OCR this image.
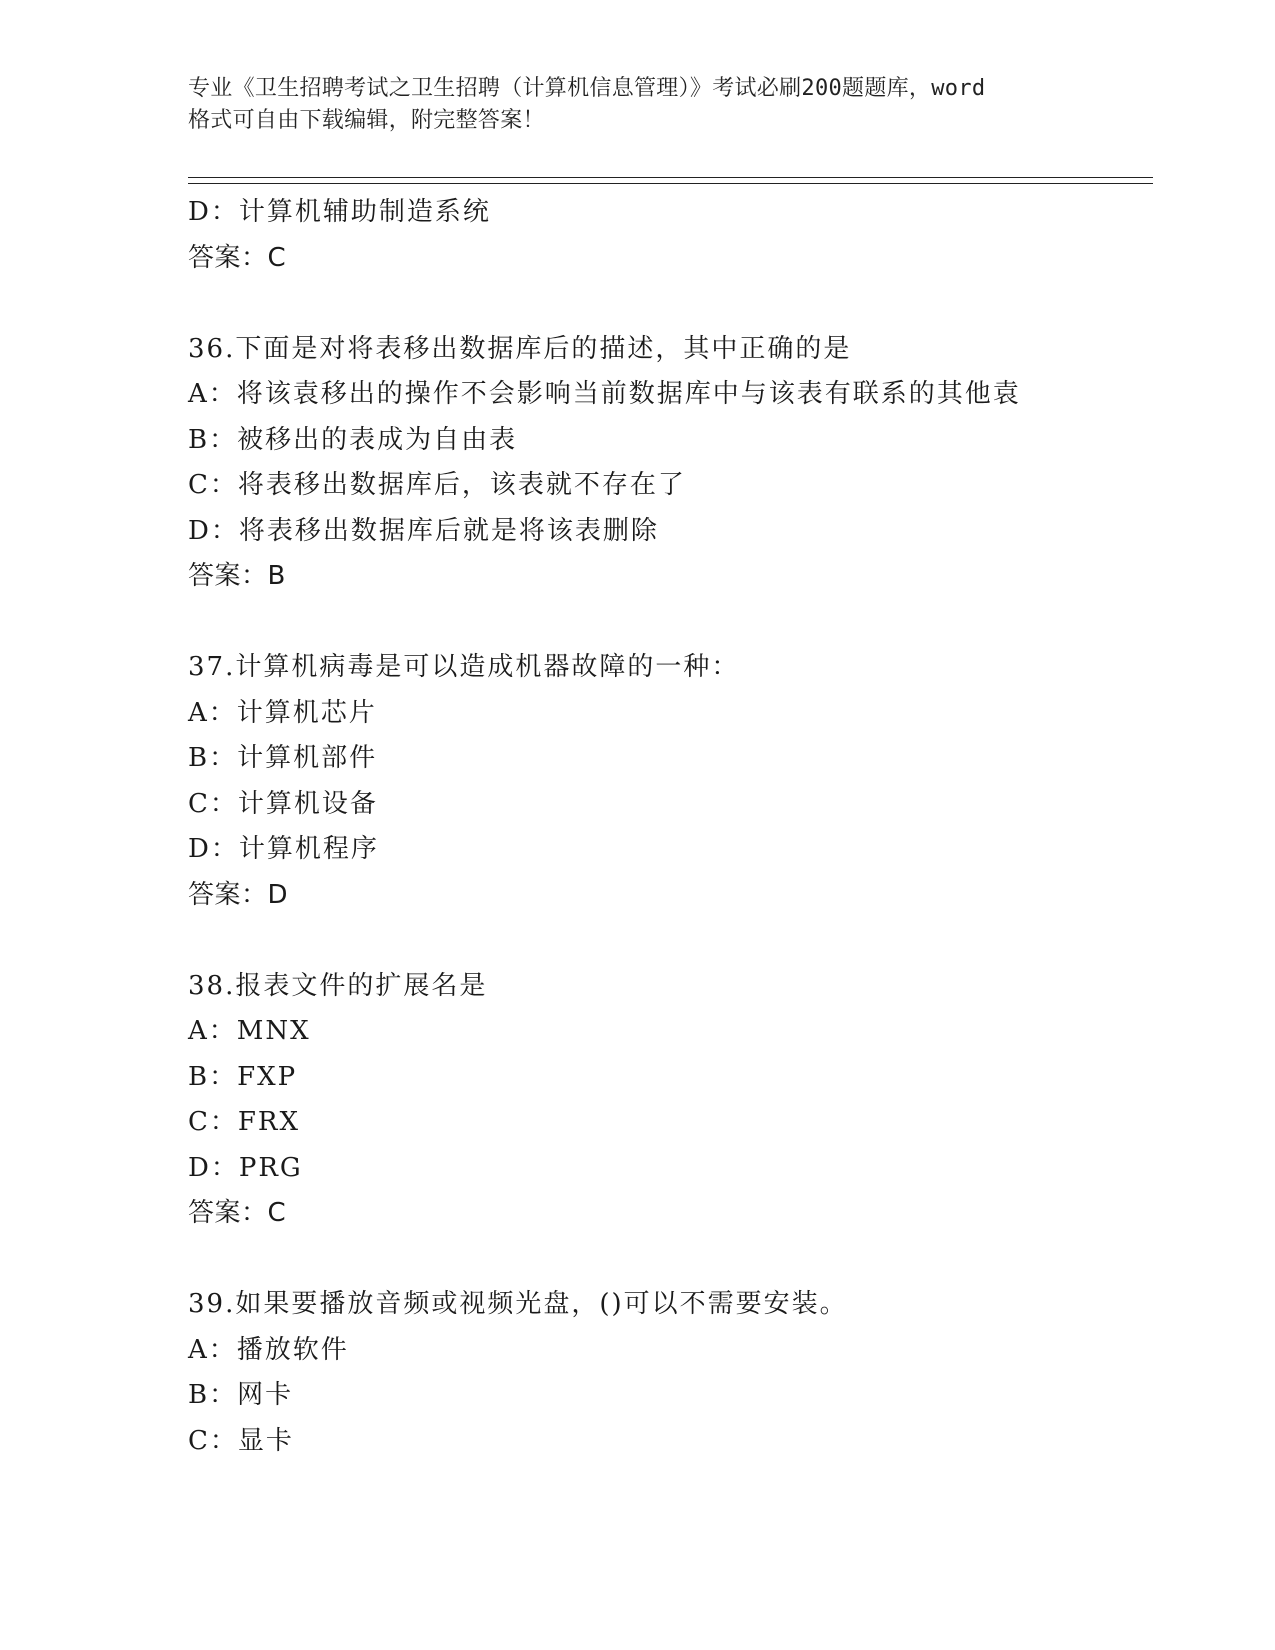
专业《卫生招聘考试之卫生招聘（计算机信息管理）》考试必刷200题题库，word
格式可自由下载编辑，附完整答案！
D：计算机辅助制造系统
答案：C
36.下面是对将表移出数据库后的描述，其中正确的是
A：将该袁移出的操作不会影响当前数据库中与该表有联系的其他袁
B：被移出的表成为自由表
C：将表移出数据库后，该表就不存在了
D：将表移出数据库后就是将该表删除
答案：B
37.计算机病毒是可以造成机器故障的一种：
A：计算机芯片
B：计算机部件
C：计算机设备
D：计算机程序
答案：D
38.报表文件的扩展名是
A：MNX
B：FXP
C：FRX
D：PRG
答案：C
39.如果要播放音频或视频光盘，()可以不需要安装。
A：播放软件
B：网卡
C：显卡
